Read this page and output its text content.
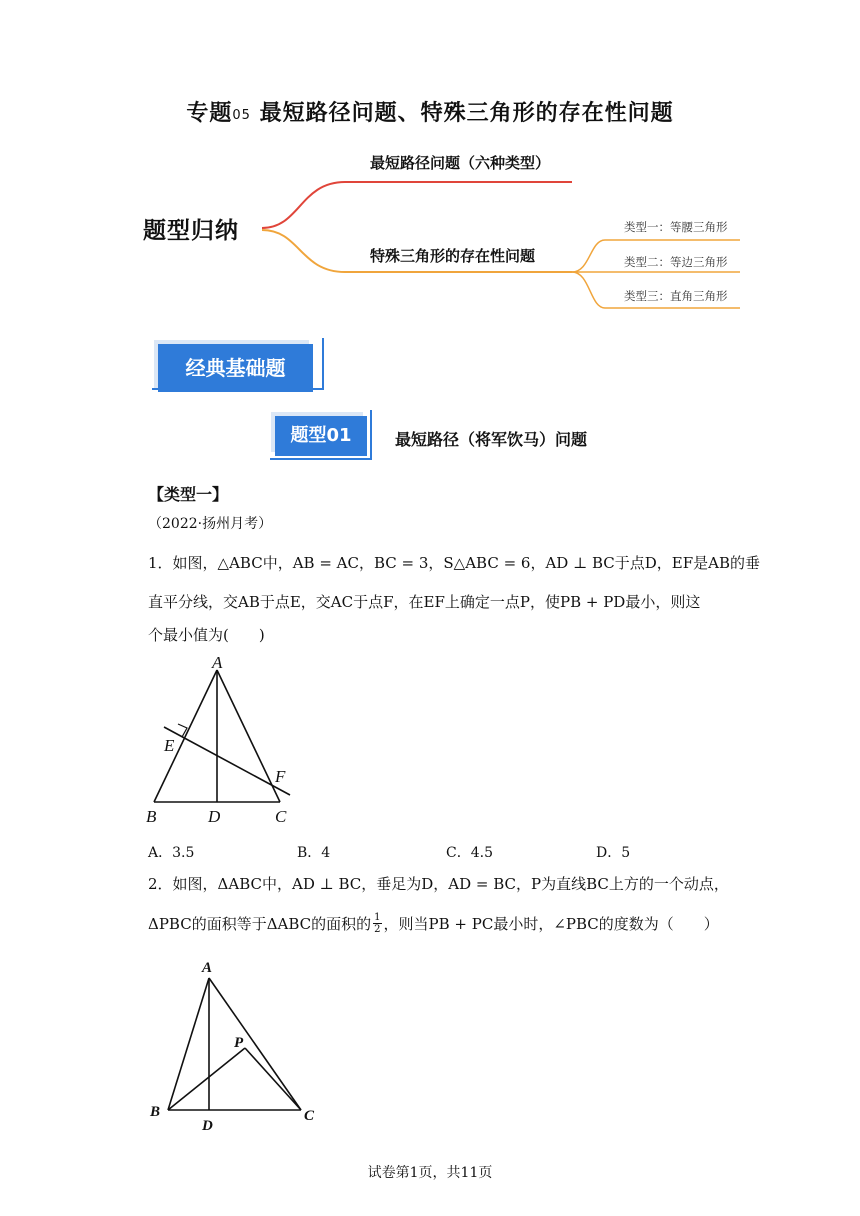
专题05 最短路径问题、特殊三角形的存在性问题
题型归纳
最短路径问题（六种类型）
特殊三角形的存在性问题
类型一：等腰三角形
类型二：等边三角形
类型三：直角三角形
经典基础题
题型01	最短路径（将军饮马）问题
【类型一】
（2022·扬州月考）
1．如图，△ABC中，AB = AC，BC = 3，S△ABC = 6，AD ⊥ BC于点D，EF是AB的垂
直平分线，交AB于点E，交AC于点F，在EF上确定一点P，使PB + PD最小，则这
个最小值为(　　)
A
B	C
D
E
F
A．3.5	B．4	C．4.5	D．5
2．如图，ΔABC中，AD ⊥ BC，垂足为D，AD = BC，P为直线BC上方的一个动点，
ΔPBC的面积等于ΔABC的面积的 $\frac{1}{2}$ ，则当PB + PC最小时，∠PBC的度数为（　　）
A
B	C
D
P
试卷第1页，共11页
